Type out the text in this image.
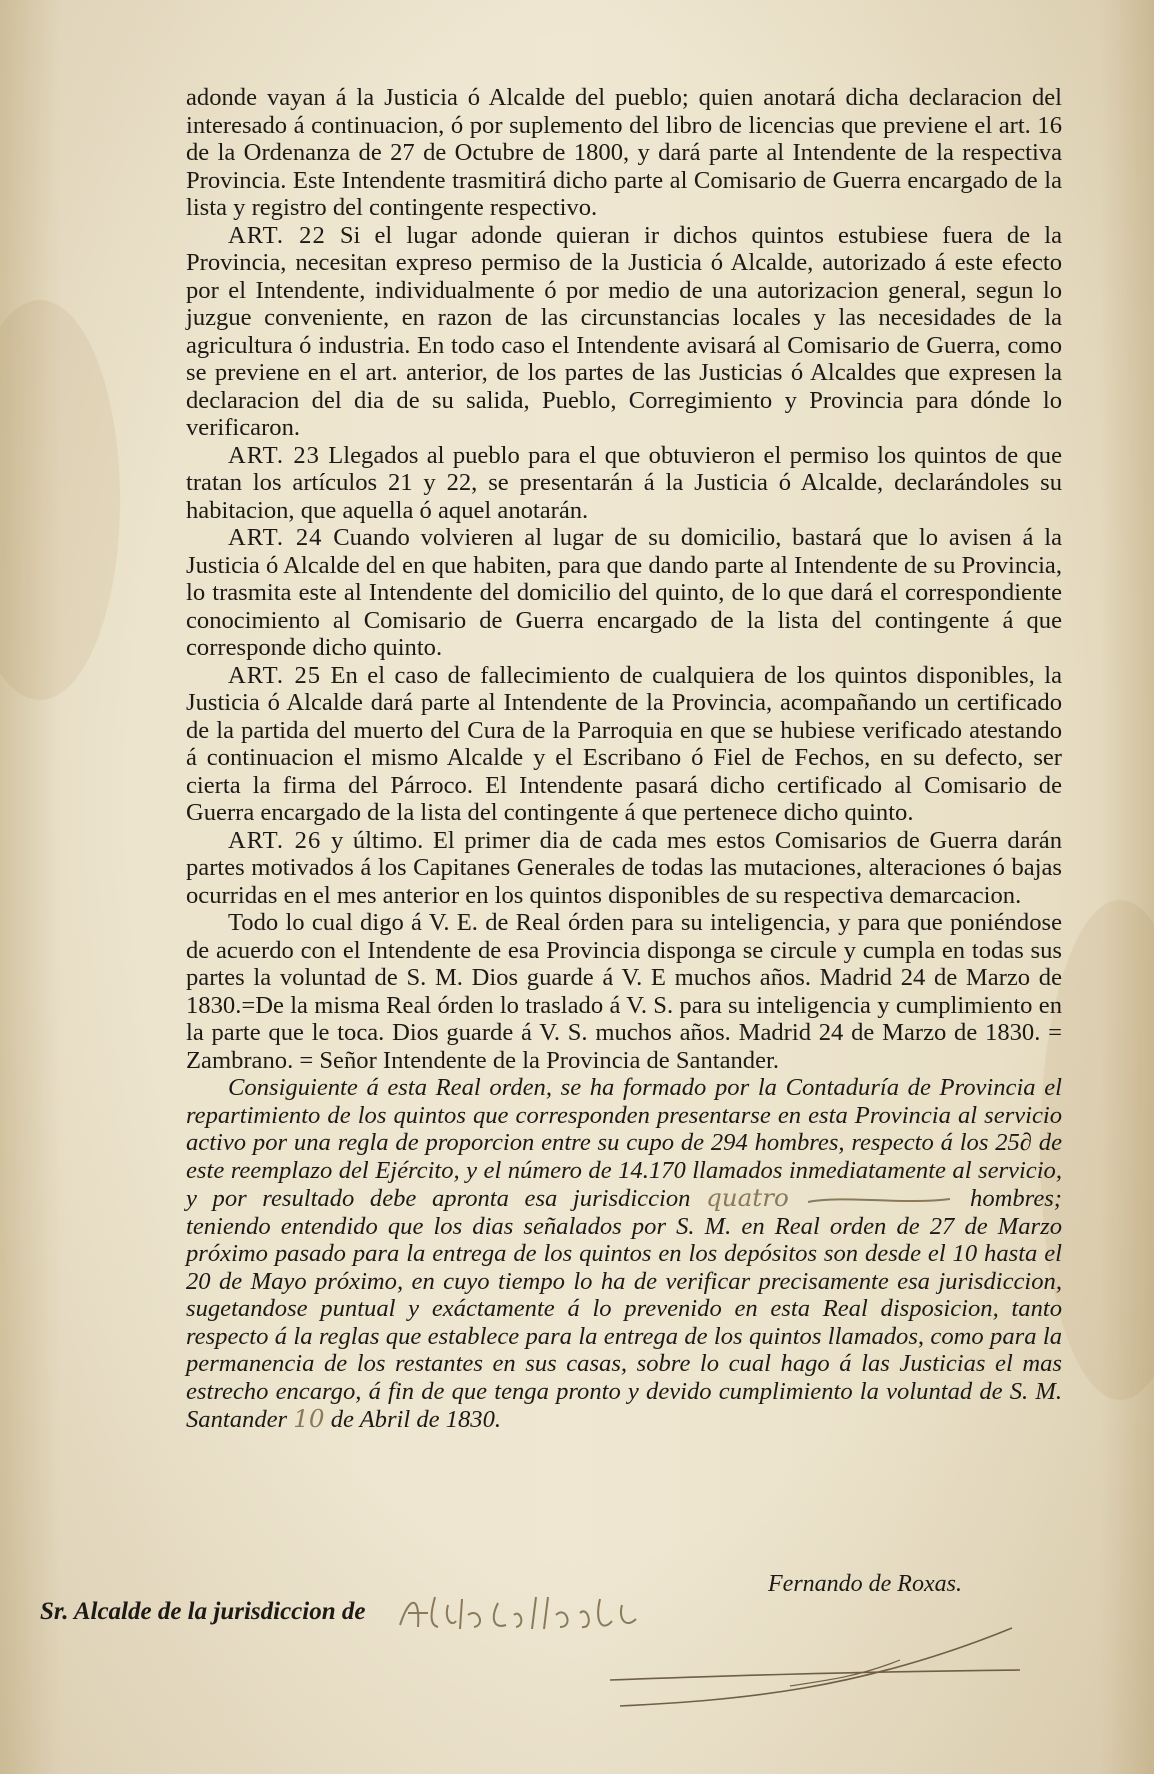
adonde vayan á la Justicia ó Alcalde del pueblo; quien anotará dicha declaracion del interesado á continuacion, ó por suplemento del libro de licencias que previene el art. 16 de la Ordenanza de 27 de Octubre de 1800, y dará parte al Intendente de la respectiva Provincia. Este Intendente trasmitirá dicho parte al Comisario de Guerra encargado de la lista y registro del contingente respectivo.

ART. 22 Si el lugar adonde quieran ir dichos quintos estubiese fuera de la Provincia, necesitan expreso permiso de la Justicia ó Alcalde, autorizado á este efecto por el Intendente, individualmente ó por medio de una autorizacion general, segun lo juzgue conveniente, en razon de las circunstancias locales y las necesidades de la agricultura ó industria. En todo caso el Intendente avisará al Comisario de Guerra, como se previene en el art. anterior, de los partes de las Justicias ó Alcaldes que expresen la declaracion del dia de su salida, Pueblo, Corregimiento y Provincia para dónde lo verificaron.

ART. 23 Llegados al pueblo para el que obtuvieron el permiso los quintos de que tratan los artículos 21 y 22, se presentarán á la Justicia ó Alcalde, declarándoles su habitacion, que aquella ó aquel anotarán.

ART. 24 Cuando volvieren al lugar de su domicilio, bastará que lo avisen á la Justicia ó Alcalde del en que habiten, para que dando parte al Intendente de su Provincia, lo trasmita este al Intendente del domicilio del quinto, de lo que dará el correspondiente conocimiento al Comisario de Guerra encargado de la lista del contingente á que corresponde dicho quinto.

ART. 25 En el caso de fallecimiento de cualquiera de los quintos disponibles, la Justicia ó Alcalde dará parte al Intendente de la Provincia, acompañando un certificado de la partida del muerto del Cura de la Parroquia en que se hubiese verificado atestando á continuacion el mismo Alcalde y el Escribano ó Fiel de Fechos, en su defecto, ser cierta la firma del Párroco. El Intendente pasará dicho certificado al Comisario de Guerra encargado de la lista del contingente á que pertenece dicho quinto.

ART. 26 y último. El primer dia de cada mes estos Comisarios de Guerra darán partes motivados á los Capitanes Generales de todas las mutaciones, alteraciones ó bajas ocurridas en el mes anterior en los quintos disponibles de su respectiva demarcacion.

Todo lo cual digo á V. E. de Real órden para su inteligencia, y para que poniéndose de acuerdo con el Intendente de esa Provincia disponga se circule y cumpla en todas sus partes la voluntad de S. M. Dios guarde á V. E muchos años. Madrid 24 de Marzo de 1830.=De la misma Real órden lo traslado á V. S. para su inteligencia y cumplimiento en la parte que le toca. Dios guarde á V. S. muchos años. Madrid 24 de Marzo de 1830. = Zambrano. = Señor Intendente de la Provincia de Santander.

Consiguiente á esta Real orden, se ha formado por la Contaduría de Provincia el repartimiento de los quintos que corresponden presentarse en esta Provincia al servicio activo por una regla de proporcion entre su cupo de 294 hombres, respecto á los 25∂ de este reemplazo del Ejército, y el número de 14.170 llamados inmediatamente al servicio, y por resultado debe apronta esa jurisdiccion quatro	hombres; teniendo entendido que los dias señalados por S. M. en Real orden de 27 de Marzo próximo pasado para la entrega de los quintos en los depósitos son desde el 10 hasta el 20 de Mayo próximo, en cuyo tiempo lo ha de verificar precisamente esa jurisdiccion, sugetandose puntual y exáctamente á lo prevenido en esta Real disposicion, tanto respecto á la reglas que establece para la entrega de los quintos llamados, como para la permanencia de los restantes en sus casas, sobre lo cual hago á las Justicias el mas estrecho encargo, á fin de que tenga pronto y devido cumplimiento la voluntad de S. M. Santander 10 de Abril de 1830.

Fernando de Roxas.
Sr. Alcalde de la jurisdiccion de
